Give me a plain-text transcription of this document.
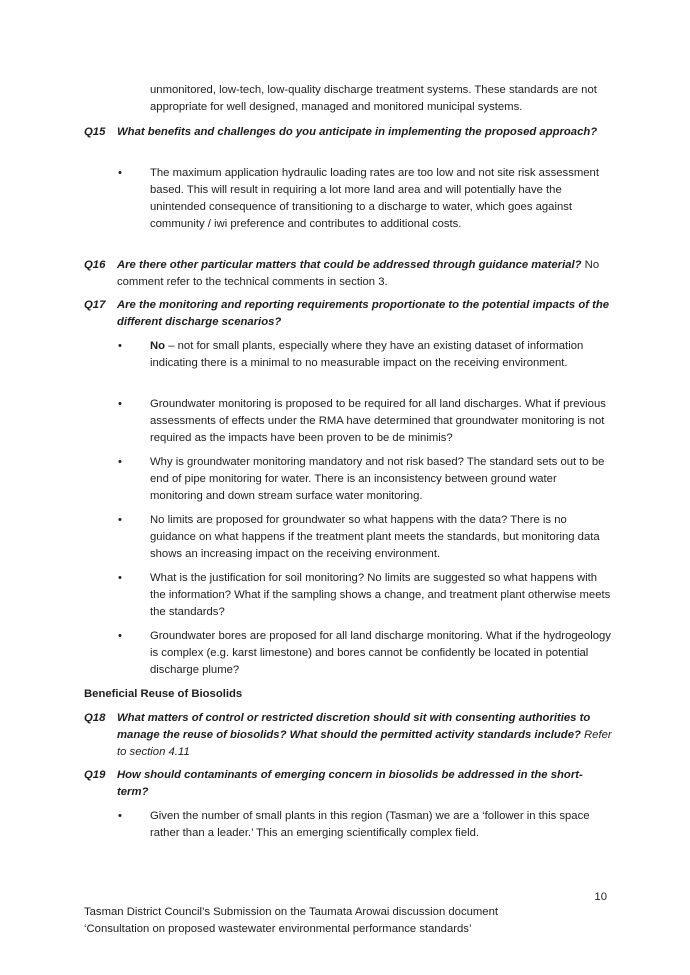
unmonitored, low-tech, low-quality discharge treatment systems. These standards are not appropriate for well designed, managed and monitored municipal systems.
Q15	What benefits and challenges do you anticipate in implementing the proposed approach?
• The maximum application hydraulic loading rates are too low and not site risk assessment based. This will result in requiring a lot more land area and will potentially have the unintended consequence of transitioning to a discharge to water, which goes against community / iwi preference and contributes to additional costs.
Q16	Are there other particular matters that could be addressed through guidance material? No comment refer to the technical comments in section 3.
Q17	Are the monitoring and reporting requirements proportionate to the potential impacts of the different discharge scenarios?
• No – not for small plants, especially where they have an existing dataset of information indicating there is a minimal to no measurable impact on the receiving environment.
• Groundwater monitoring is proposed to be required for all land discharges. What if previous assessments of effects under the RMA have determined that groundwater monitoring is not required as the impacts have been proven to be de minimis?
• Why is groundwater monitoring mandatory and not risk based? The standard sets out to be end of pipe monitoring for water. There is an inconsistency between ground water monitoring and down stream surface water monitoring.
• No limits are proposed for groundwater so what happens with the data? There is no guidance on what happens if the treatment plant meets the standards, but monitoring data shows an increasing impact on the receiving environment.
• What is the justification for soil monitoring? No limits are suggested so what happens with the information? What if the sampling shows a change, and treatment plant otherwise meets the standards?
• Groundwater bores are proposed for all land discharge monitoring. What if the hydrogeology is complex (e.g. karst limestone) and bores cannot be confidently be located in potential discharge plume?
Beneficial Reuse of Biosolids
Q18	What matters of control or restricted discretion should sit with consenting authorities to manage the reuse of biosolids? What should the permitted activity standards include? Refer to section 4.11
Q19	How should contaminants of emerging concern in biosolids be addressed in the short-term?
• Given the number of small plants in this region (Tasman) we are a ‘follower in this space rather than a leader.’ This an emerging scientifically complex field.
10
Tasman District Council’s Submission on the Taumata Arowai discussion document
‘Consultation on proposed wastewater environmental performance standards’
